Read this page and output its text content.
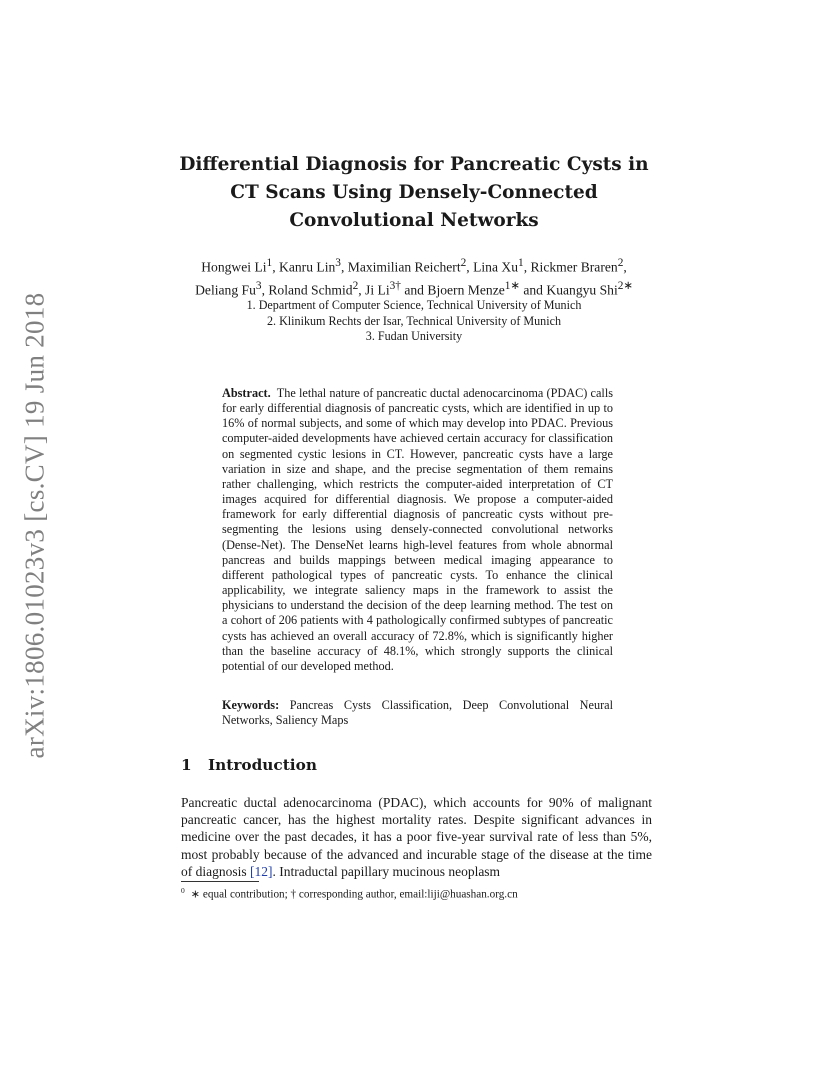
arXiv:1806.01023v3 [cs.CV] 19 Jun 2018
Differential Diagnosis for Pancreatic Cysts in
CT Scans Using Densely-Connected
Convolutional Networks
Hongwei Li$^1$, Kanru Lin$^3$, Maximilian Reichert$^2$, Lina Xu$^1$, Rickmer Braren$^2$,
Deliang Fu$^3$, Roland Schmid$^2$, Ji $Li^{3\dagger}$ and Bjoern Menze$^{1∗}$ and Kuangyu Shi$^{2∗}$
1. Department of Computer Science, Technical University of Munich
2. Klinikum Rechts der Isar, Technical University of Munich
3. Fudan University
Abstract. The lethal nature of pancreatic ductal adenocarcinoma (PDAC) calls for early differential diagnosis of pancreatic cysts, which are identified in up to 16% of normal subjects, and some of which may develop into PDAC. Previous computer-aided developments have achieved certain accuracy for classification on segmented cystic lesions in CT. However, pancreatic cysts have a large variation in size and shape, and the precise segmentation of them remains rather challenging, which restricts the computer-aided interpretation of CT images acquired for differential diagnosis. We propose a computer-aided framework for early differential diagnosis of pancreatic cysts without pre-segmenting the lesions using densely-connected convolutional networks (Dense-Net). The DenseNet learns high-level features from whole abnormal pancreas and builds mappings between medical imaging appearance to different pathological types of pancreatic cysts. To enhance the clinical applicability, we integrate saliency maps in the framework to assist the physicians to understand the decision of the deep learning method. The test on a cohort of 206 patients with 4 pathologically confirmed subtypes of pancreatic cysts has achieved an overall accuracy of 72.8%, which is significantly higher than the baseline accuracy of 48.1%, which strongly supports the clinical potential of our developed method.
Keywords: Pancreas Cysts Classification, Deep Convolutional Neural Networks, Saliency Maps
1 Introduction
Pancreatic ductal adenocarcinoma (PDAC), which accounts for 90% of malignant pancreatic cancer, has the highest mortality rates. Despite significant advances in medicine over the past decades, it has a poor five-year survival rate of less than 5%, most probably because of the advanced and incurable stage of the disease at the time of diagnosis [12]. Intraductal papillary mucinous neoplasm
$^0$ ∗ equal contribution; † corresponding author, email:liji@huashan.org.cn
